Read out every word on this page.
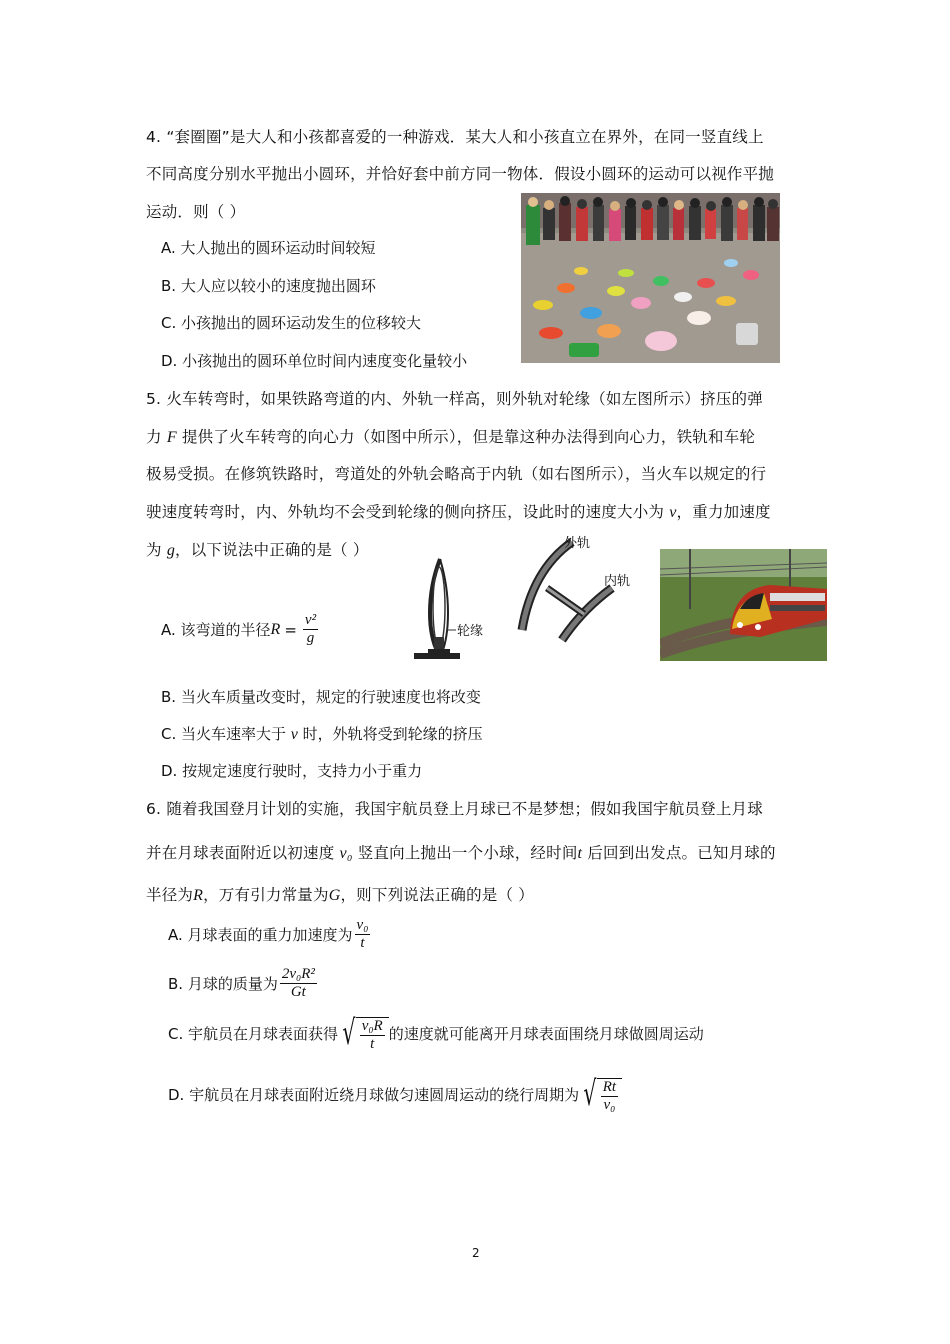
4. “套圈圈”是大人和小孩都喜爱的一种游戏．某大人和小孩直立在界外，在同一竖直线上
不同高度分别水平抛出小圆环，并恰好套中前方同一物体．假设小圆环的运动可以视作平抛
运动．则（ ）
A. 大人抛出的圆环运动时间较短
B. 大人应以较小的速度抛出圆环
C. 小孩抛出的圆环运动发生的位移较大
D. 小孩抛出的圆环单位时间内速度变化量较小
5. 火车转弯时，如果铁路弯道的内、外轨一样高，则外轨对轮缘（如左图所示）挤压的弹
力 F 提供了火车转弯的向心力（如图中所示），但是靠这种办法得到向心力，铁轨和车轮
极易受损。在修筑铁路时，弯道处的外轨会略高于内轨（如右图所示），当火车以规定的行
驶速度转弯时，内、外轨均不会受到轮缘的侧向挤压，设此时的速度大小为 v，重力加速度
为 g，以下说法中正确的是（ ）
A. 该弯道的半径 $R = \frac{\text{v²}}{g}$	轮缘
外轨
内轨
B. 当火车质量改变时，规定的行驶速度也将改变
C. 当火车速率大于 v 时，外轨将受到轮缘的挤压
D. 按规定速度行驶时，支持力小于重力
6. 随着我国登月计划的实施，我国宇航员登上月球已不是梦想；假如我国宇航员登上月球
并在月球表面附近以初速度 v₀ 竖直向上抛出一个小球，经时间t 后回到出发点。已知月球的
半径为R，万有引力常量为G，则下列说法正确的是（ ）
A. 月球表面的重力加速度为 $\frac{\text{v₀}}{t}$
B. 月球的质量为 $\frac{\text{2v₀R²}}{Gt}$
C. 宇航员在月球表面获得 √ $\frac{\text{v₀R}}{t}$ 的速度就可能离开月球表面围绕月球做圆周运动
D. 宇航员在月球表面附近绕月球做匀速圆周运动的绕行周期为 √ $\frac{Rt}{\text{v₀}}$
2
